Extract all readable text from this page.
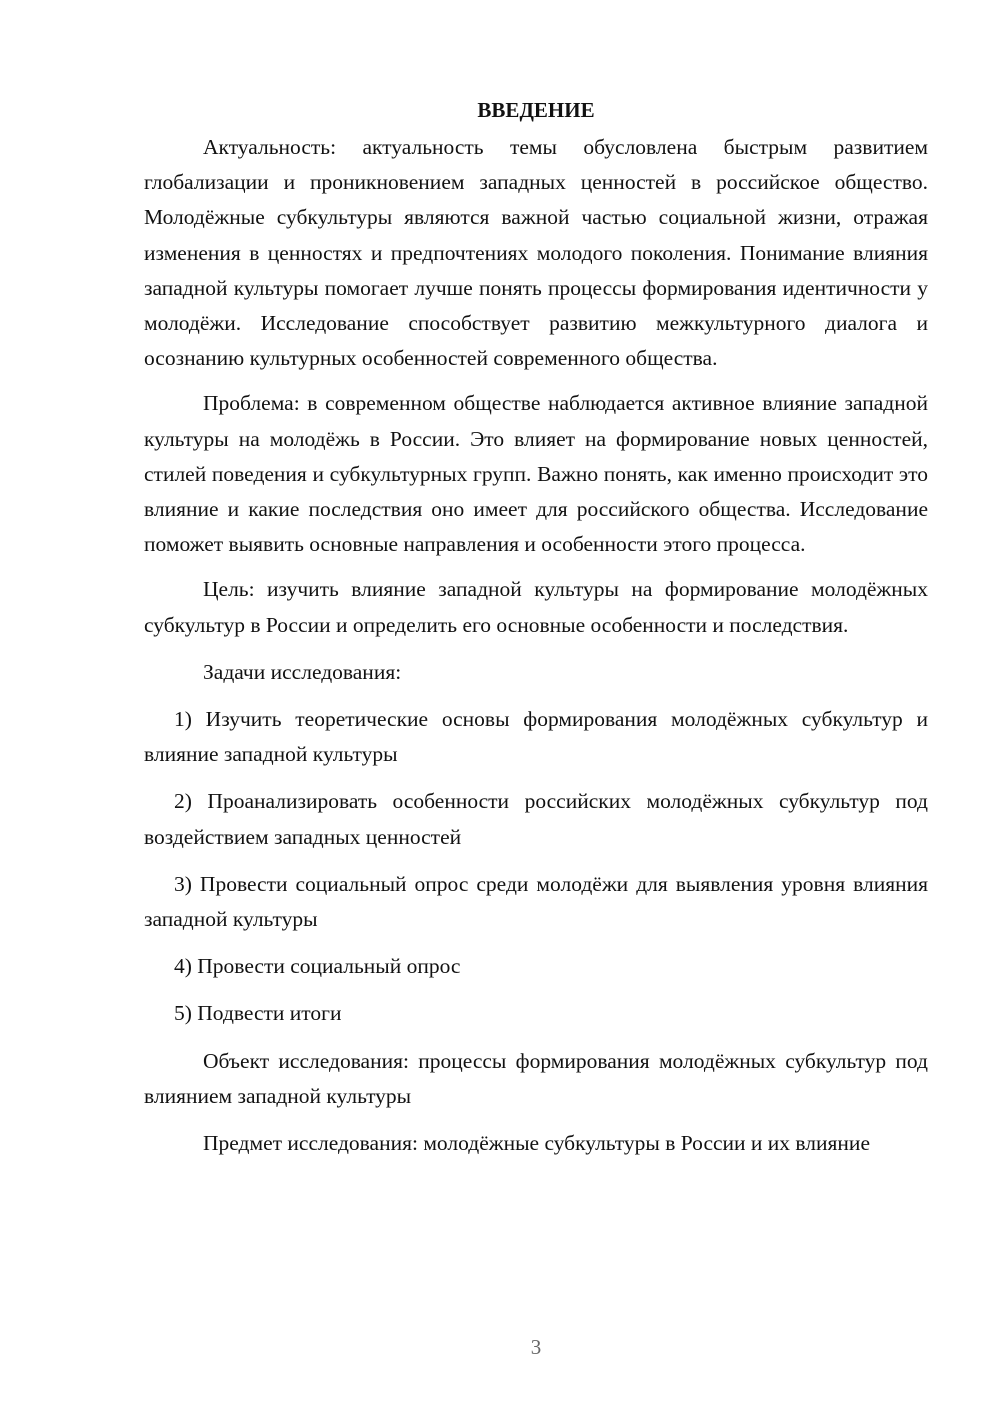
ВВЕДЕНИЕ

Актуальность: актуальность темы обусловлена быстрым развитием глобализации и проникновением западных ценностей в российское общество. Молодёжные субкультуры являются важной частью социальной жизни, отражая изменения в ценностях и предпочтениях молодого поколения. Понимание влияния западной культуры помогает лучше понять процессы формирования идентичности у молодёжи. Исследование способствует развитию межкультурного диалога и осознанию культурных особенностей современного общества.

Проблема: в современном обществе наблюдается активное влияние западной культуры на молодёжь в России. Это влияет на формирование новых ценностей, стилей поведения и субкультурных групп. Важно понять, как именно происходит это влияние и какие последствия оно имеет для российского общества. Исследование поможет выявить основные направления и особенности этого процесса.

Цель: изучить влияние западной культуры на формирование молодёжных субкультур в России и определить его основные особенности и последствия.

Задачи исследования:

1) Изучить теоретические основы формирования молодёжных субкультур и влияние западной культуры

2) Проанализировать особенности российских молодёжных субкультур под воздействием западных ценностей

3) Провести социальный опрос среди молодёжи для выявления уровня влияния западной культуры

4) Провести социальный опрос

5) Подвести итоги

Объект исследования: процессы формирования молодёжных субкультур под влиянием западной культуры

Предмет исследования: молодёжные субкультуры в России и их влияние

3
